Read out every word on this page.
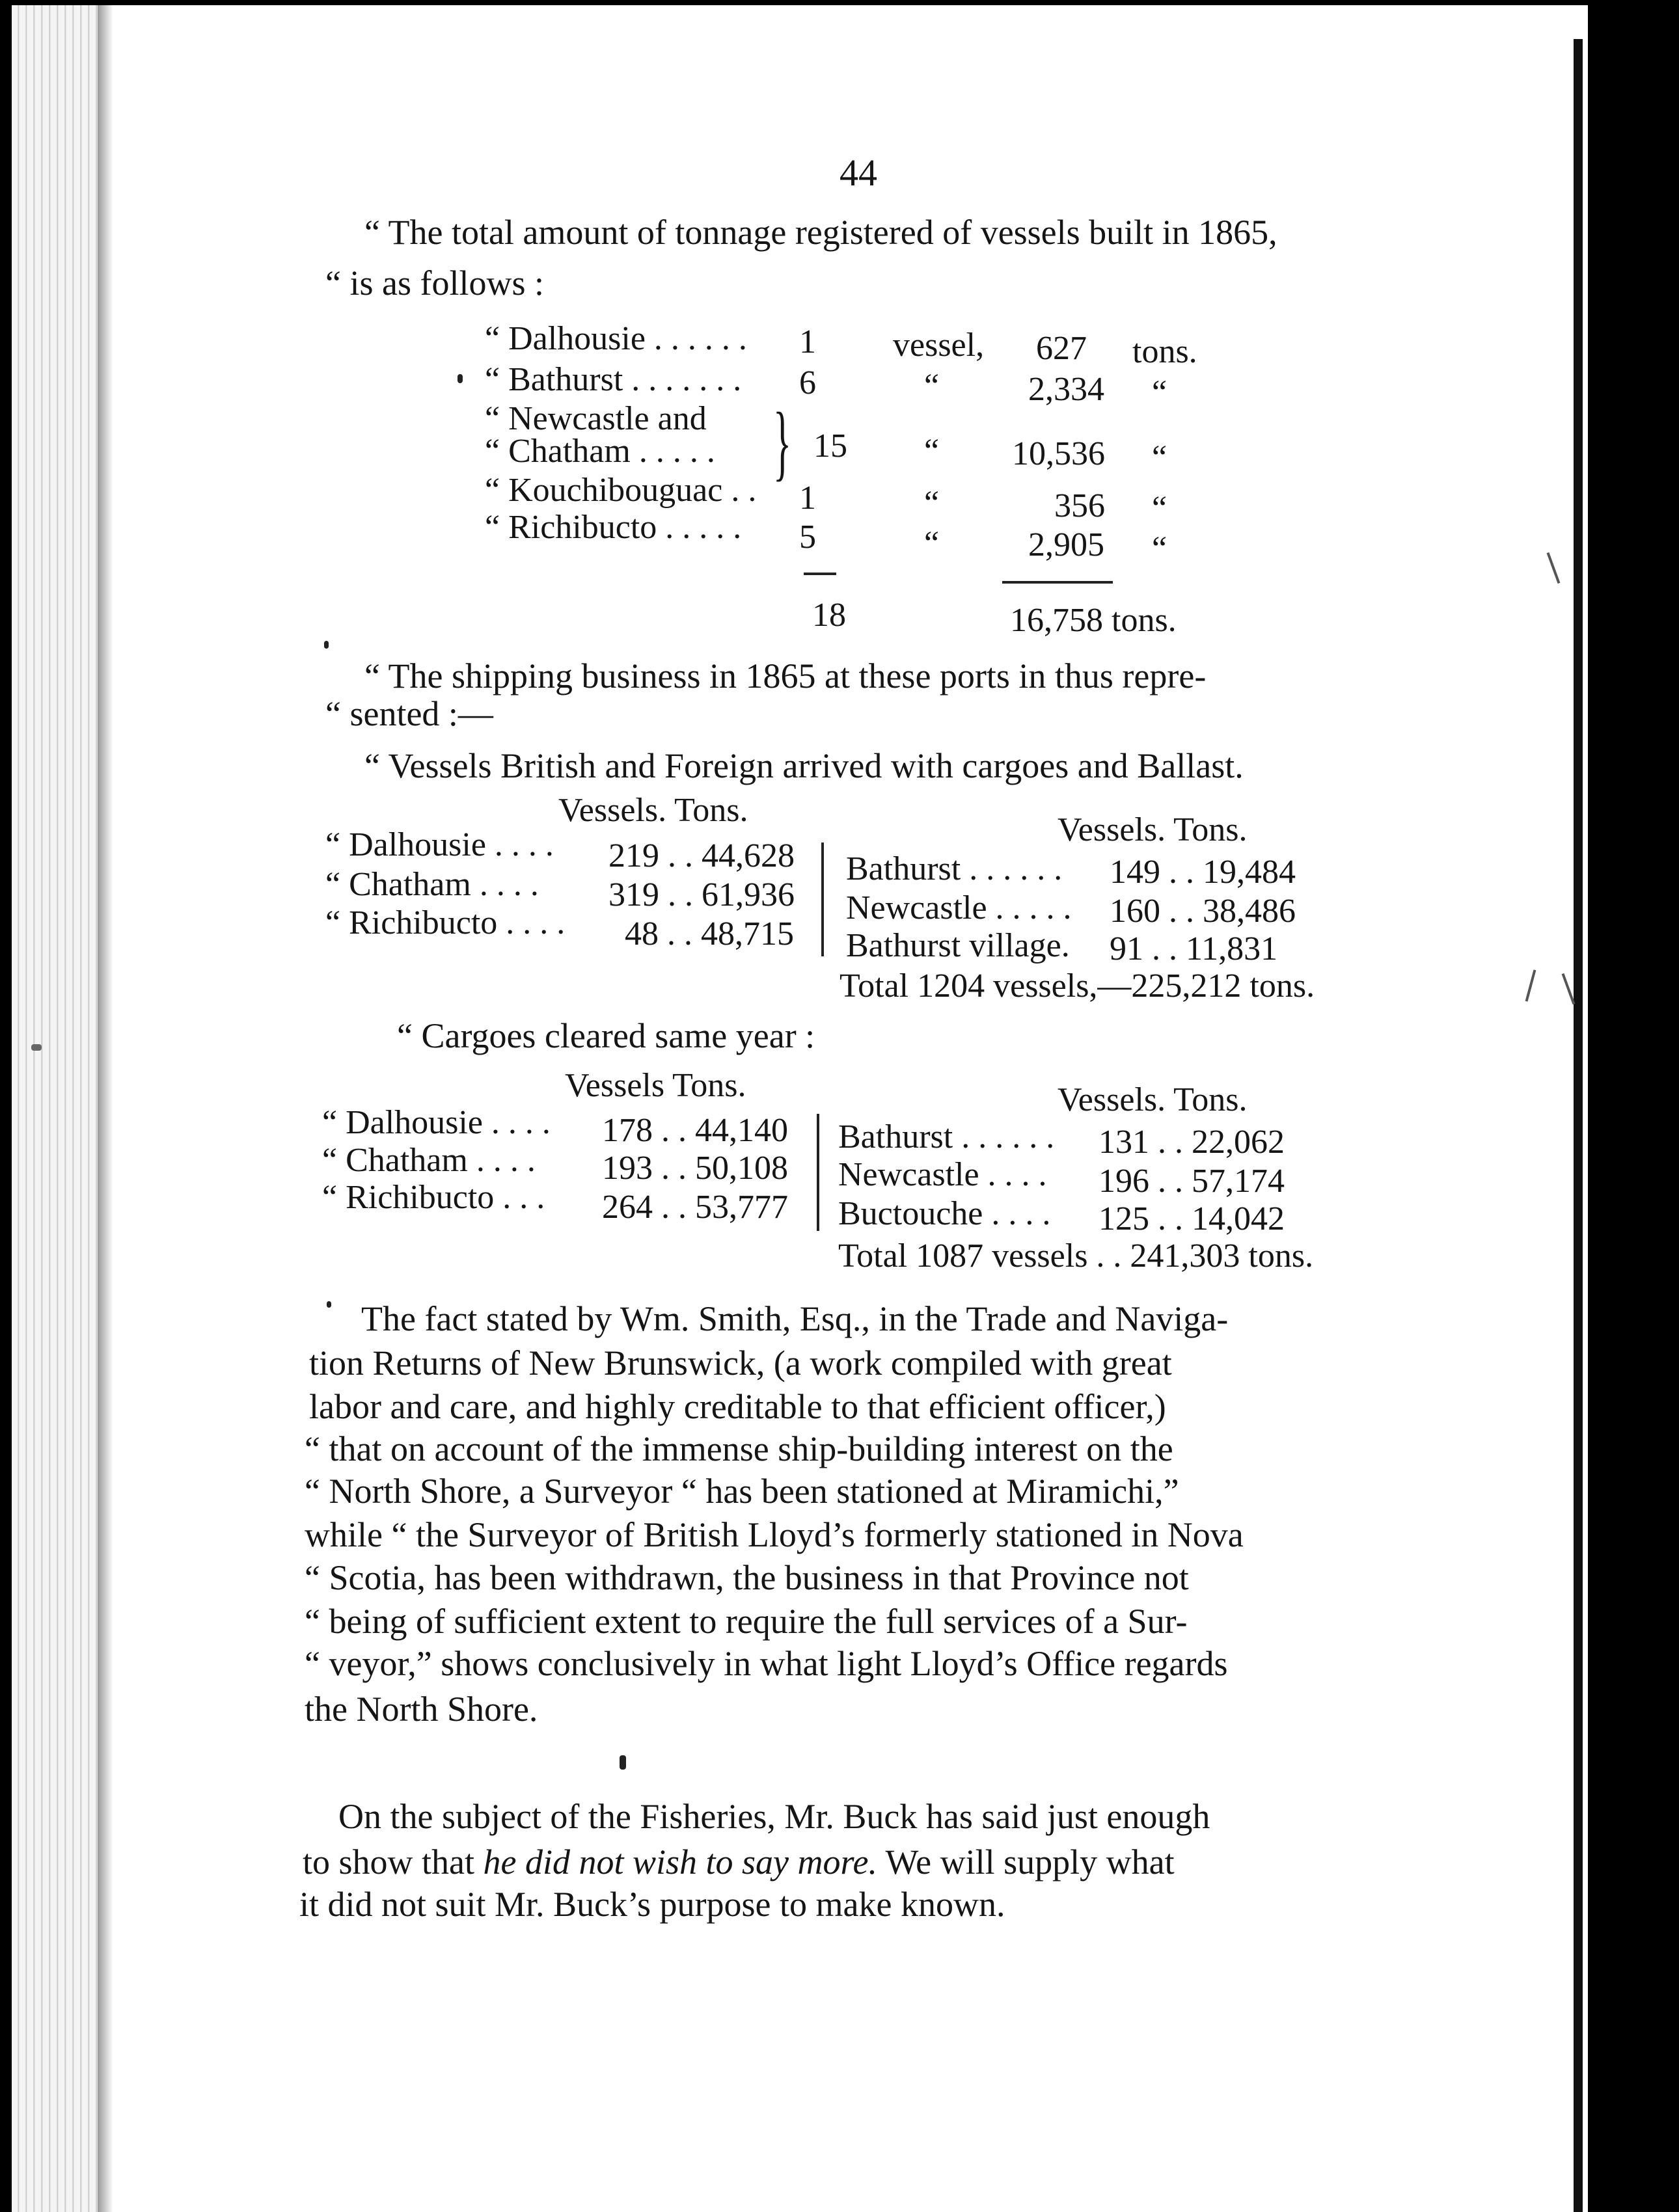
44
“ The total amount of tonnage registered of vessels built in 1865,
“ is as follows :
“ Dalhousie . . . . . . 1 vessel, 627 tons.
“ Bathurst . . . . . . . 6	“	2,334 “
“ Newcastle and }
“ Chatham . . . . .	15 “ 10,536 “
“ Kouchibouguac . . 1	“	356 “
“ Richibucto . . . . . 5	“	2,905 “
18	16,758 tons.
“ The shipping business in 1865 at these ports in thus repre-
“ sented :—
“ Vessels British and Foreign arrived with cargoes and Ballast.
Vessels. Tons.
Vessels. Tons.
“ Dalhousie . . . . 219 . . 44,628
“ Chatham . . . . 319 . . 61,936
“ Richibucto . . . . 48 . . 48,715
Bathurst . . . . . . 149 . . 19,484
Newcastle . . . . . 160 . . 38,486
Bathurst village. 91 . . 11,831
Total 1204 vessels,—225,212 tons.
“ Cargoes cleared same year :
Vessels Tons.	Vessels. Tons.
“ Dalhousie . . . . 178 . . 44,140
“ Chatham . . . . 193 . . 50,108
“ Richibucto . . . 264 . . 53,777
Bathurst . . . . . . 131 . . 22,062
Newcastle . . . . 196 . . 57,174
Buctouche . . . . 125 . . 14,042
Total 1087 vessels . . 241,303 tons.
The fact stated by Wm. Smith, Esq., in the Trade and Naviga-
tion Returns of New Brunswick, (a work compiled with great
labor and care, and highly creditable to that efficient officer,)
“ that on account of the immense ship-building interest on the
“ North Shore, a Surveyor “ has been stationed at Miramichi,”
while “ the Surveyor of British Lloyd’s formerly stationed in Nova
“ Scotia, has been withdrawn, the business in that Province not
“ being of sufficient extent to require the full services of a Sur-
“ veyor,” shows conclusively in what light Lloyd’s Office regards
the North Shore.
On the subject of the Fisheries, Mr. Buck has said just enough
to show that he did not wish to say more. We will supply what
it did not suit Mr. Buck’s purpose to make known.
